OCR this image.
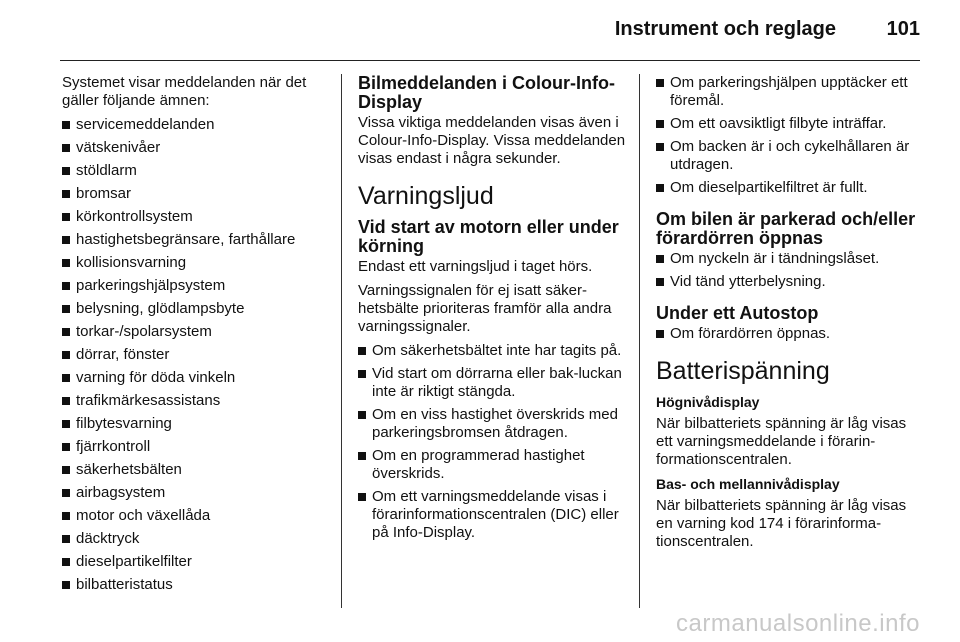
Instrument och reglage	101

Systemet visar meddelanden när det gäller följande ämnen:

servicemeddelanden
vätskenivåer
stöldlarm
bromsar
körkontrollsystem
hastighetsbegränsare, farthållare
kollisionsvarning
parkeringshjälpsystem
belysning, glödlampsbyte
torkar-/spolarsystem
dörrar, fönster
varning för döda vinkeln
trafikmärkesassistans
filbytesvarning
fjärrkontroll
säkerhetsbälten
airbagsystem
motor och växellåda
däcktryck
dieselpartikelfilter
bilbatteristatus
Bilmeddelanden i Colour-Info-Display

Vissa viktiga meddelanden visas även i Colour-Info-Display. Vissa meddelanden visas endast i några sekunder.

Varningsljud
Vid start av motorn eller under körning

Endast ett varningsljud i taget hörs.

Varningssignalen för ej isatt säker-hetsbälte prioriteras framför alla andra varningssignaler.

Om säkerhetsbältet inte har tagits på.
Vid start om dörrarna eller bak-luckan inte är riktigt stängda.
Om en viss hastighet överskrids med parkeringsbromsen åtdragen.
Om en programmerad hastighet överskrids.
Om ett varningsmeddelande visas i förarinformationscentralen (DIC) eller på Info-Display.
Om parkeringshjälpen upptäcker ett föremål.
Om ett oavsiktligt filbyte inträffar.
Om backen är i och cykelhållaren är utdragen.
Om dieselpartikelfiltret är fullt.
Om bilen är parkerad och/eller förardörren öppnas
Om nyckeln är i tändningslåset.
Vid tänd ytterbelysning.
Under ett Autostop
Om förardörren öppnas.
Batterispänning
Högnivådisplay

När bilbatteriets spänning är låg visas ett varningsmeddelande i förarin-formationscentralen.

Bas- och mellannivådisplay

När bilbatteriets spänning är låg visas en varning kod 174 i förarinforma-tionscentralen.

carmanualsonline.info
